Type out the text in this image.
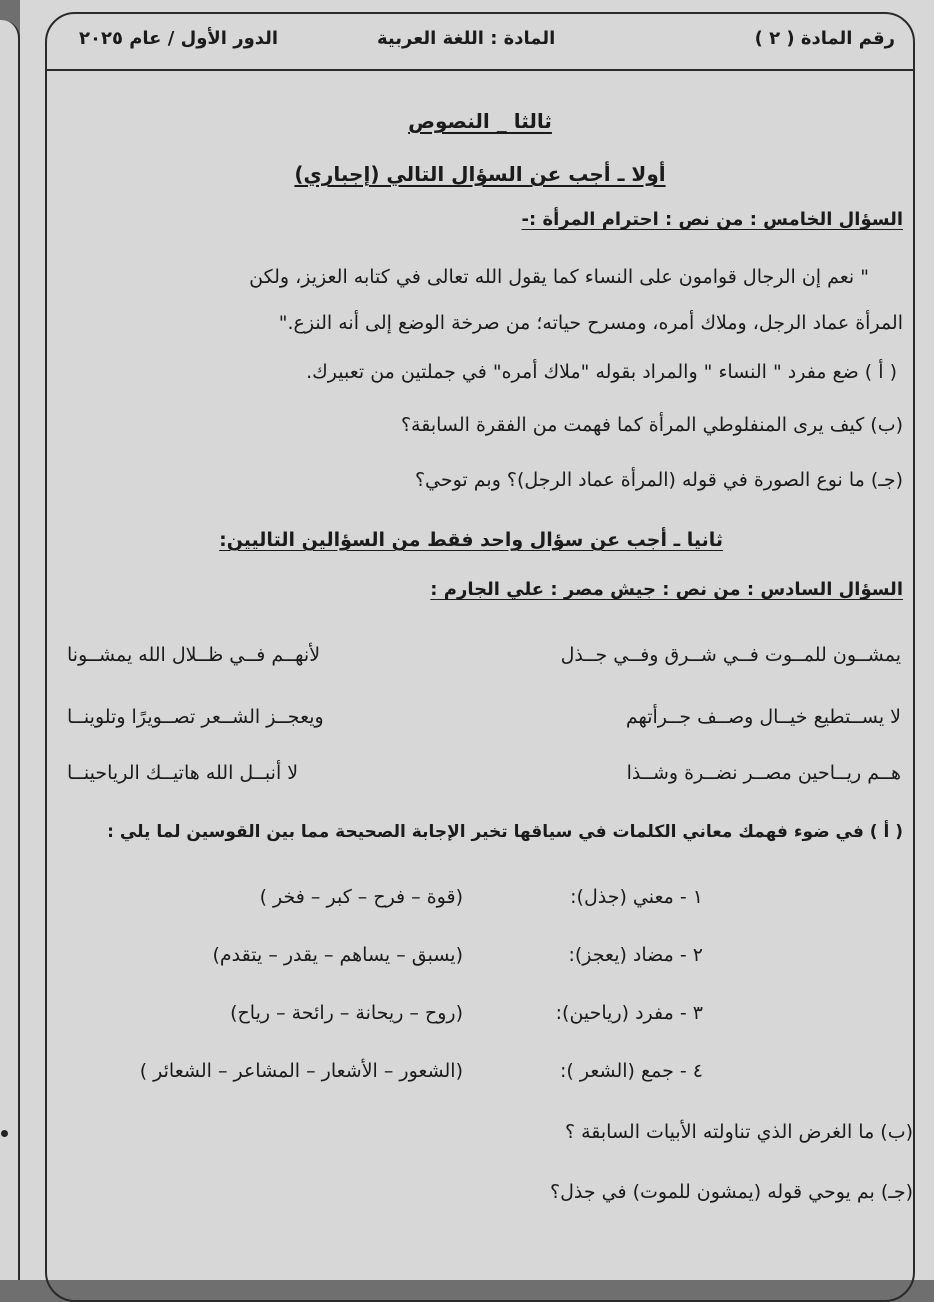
رقم المادة ( ٢ )
المادة : اللغة العربية
الدور الأول / عام ٢٠٢٥
ثالثا _ النصوص
أولا ـ أجب عن السؤال التالي (إجباري)
السؤال الخامس : من نص : احترام المرأة :-
" نعم إن الرجال قوامون على النساء كما يقول الله تعالى في كتابه العزيز، ولكن
المرأة عماد الرجل، وملاك أمره، ومسرح حياته؛ من صرخة الوضع إلى أنه النزع."
( أ ) ضع مفرد " النساء " والمراد بقوله "ملاك أمره" في جملتين من تعبيرك.
(ب) كيف يرى المنفلوطي المرأة كما فهمت من الفقرة السابقة؟
(جـ) ما نوع الصورة في قوله (المرأة عماد الرجل)؟ وبم توحي؟
ثانيا ـ أجب عن سؤال واحد فقط من السؤالين التاليين:
السؤال السادس : من نص : جيش مصر : علي الجارم :
يمشــون للمــوت فــي شــرق وفــي جــذل
لأنهــم فــي ظــلال الله يمشــونا
لا يســتطيع خيــال وصــف جــرأتهم
ويعجــز الشــعر تصــويرًا وتلوينــا
هــم ريــاحين مصــر نضــرة وشــذا
لا أنبــل الله هاتيــك الرياحينــا
( أ ) في ضوء فهمك معاني الكلمات في سياقها تخير الإجابة الصحيحة مما بين القوسين لما يلي :
١ - معني (جذل):
(قوة – فرح – كبر – فخر )
٢ - مضاد (يعجز):
(يسبق – يساهم – يقدر – يتقدم)
٣ - مفرد (رياحين):
(روح – ريحانة – رائحة – رياح)
٤ - جمع (الشعر ):
(الشعور – الأشعار – المشاعر – الشعائر )
(ب) ما الغرض الذي تناولته الأبيات السابقة ؟
(جـ) بم يوحي قوله (يمشون للموت) في جذل؟
